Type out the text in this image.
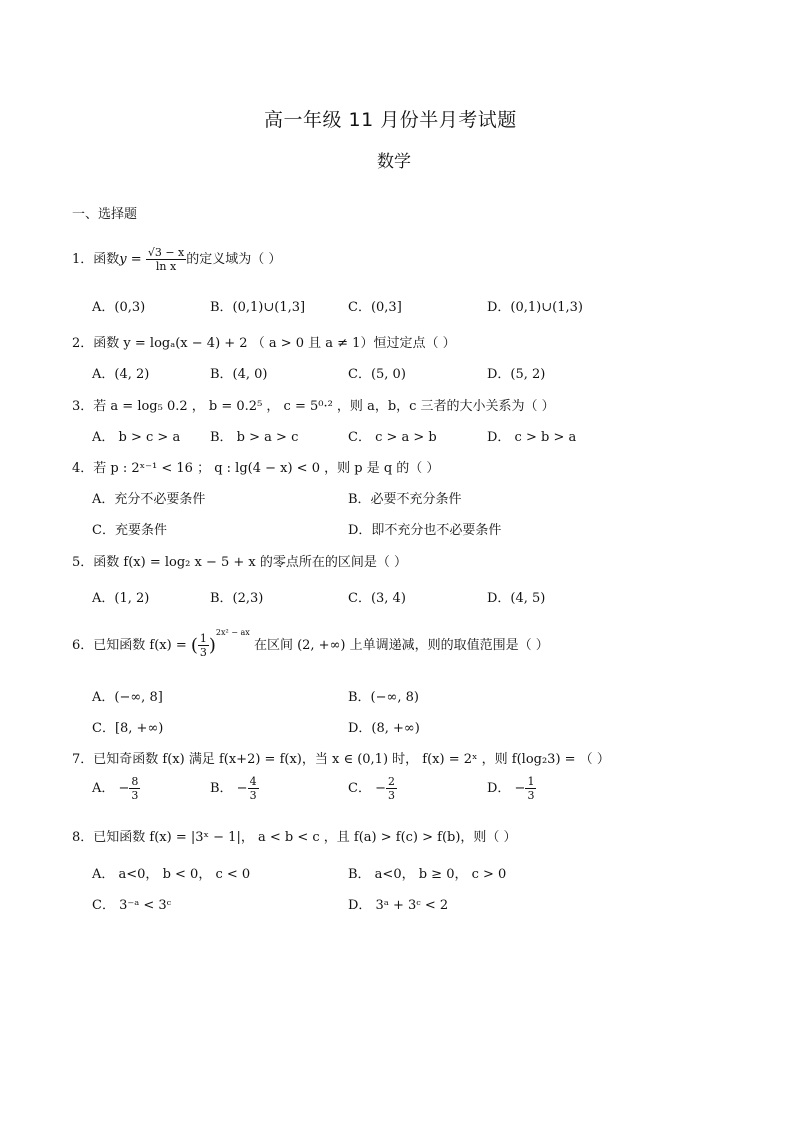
高一年级 11 月份半月考试题
数学
一、选择题
1．函数$y = \frac{√3 - x}{\text{ln x}}$ 的定义域为（ ）
A．(0,3)	B．(0,1)∪(1,3]	C．(0,3]	D．(0,1)∪(1,3)
2．函数 y = logₐ(x − 4) + 2 （ a > 0 且 a ≠ 1）恒过定点（ ）
A．(4, 2)	B．(4, 0)	C．(5, 0)	D．(5, 2)
3．若 a = log₅ 0.2 ， b = 0.2⁵ ， c = 5⁰·² ，则 a，b，c 三者的大小关系为（ ）
A． b > c > a B． b > a > c	C． c > a > b	D． c > b > a
4．若 p : 2ˣ⁻¹ < 16 ； q : lg(4 − x) < 0 ，则 p 是 q 的（ ）
A．充分不必要条件	B．必要不充分条件
C．充要条件	D．即不充分也不必要条件
5．函数 f(x) = log₂ x − 5 + x 的零点所在的区间是（ ）
A．(1, 2)	B．(2,3)	C．(3, 4)	D．(4, 5)
6．已知函数 f(x) = ( $\frac{1}{3} )^{2x^2 - ax}$ 在区间 (2, +∞) 上单调递减，则的取值范围是（ ）
A．(−∞, 8]	B．(−∞, 8)
C．[8, +∞)	D．(8, +∞)
7．已知奇函数 f(x) 满足 f(x+2) = f(x)，当 x ∈ (0,1) 时， f(x) = 2ˣ ，则 f(log₂3) = （ ）
A． − $\frac{8}{3}$	B． − $\frac{4}{3}$	C． − $\frac{2}{3}$	D． − $\frac{1}{3}$
8．已知函数 f(x) = |3ˣ − 1|， a < b < c ，且 f(a) > f(c) > f(b)，则（ ）
A． a<0， b < 0， c < 0	B． a<0， b ≥ 0， c > 0
C． 3⁻ᵃ < 3ᶜ	D． 3ᵃ + 3ᶜ < 2
